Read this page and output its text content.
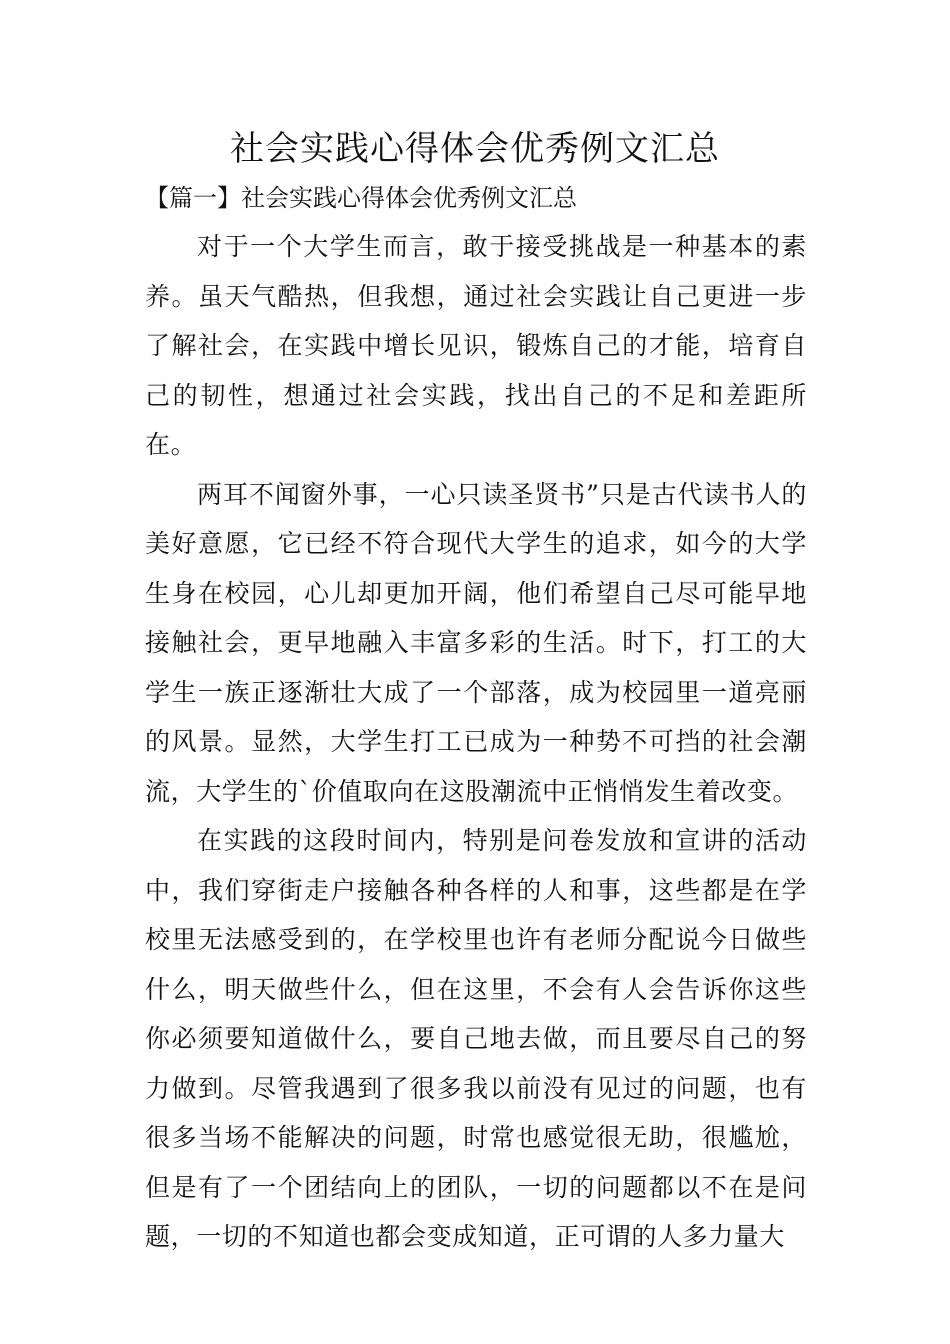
社会实践心得体会优秀例文汇总

【篇一】社会实践心得体会优秀例文汇总

对于一个大学生而言，敢于接受挑战是一种基本的素养。虽天气酷热，但我想，通过社会实践让自己更进一步了解社会，在实践中增长见识，锻炼自己的才能，培育自己的韧性，想通过社会实践，找出自己的不足和差距所在。

两耳不闻窗外事，一心只读圣贤书”只是古代读书人的美好意愿，它已经不符合现代大学生的追求，如今的大学生身在校园，心儿却更加开阔，他们希望自己尽可能早地接触社会，更早地融入丰富多彩的生活。时下，打工的大学生一族正逐渐壮大成了一个部落，成为校园里一道亮丽的风景。显然，大学生打工已成为一种势不可挡的社会潮流，大学生的`价值取向在这股潮流中正悄悄发生着改变。

在实践的这段时间内，特别是问卷发放和宣讲的活动中，我们穿街走户接触各种各样的人和事，这些都是在学校里无法感受到的，在学校里也许有老师分配说今日做些什么，明天做些什么，但在这里，不会有人会告诉你这些你必须要知道做什么，要自己地去做，而且要尽自己的努力做到。尽管我遇到了很多我以前没有见过的问题，也有很多当场不能解决的问题，时常也感觉很无助，很尴尬，但是有了一个团结向上的团队，一切的问题都以不在是问题，一切的不知道也都会变成知道，正可谓的人多力量大
